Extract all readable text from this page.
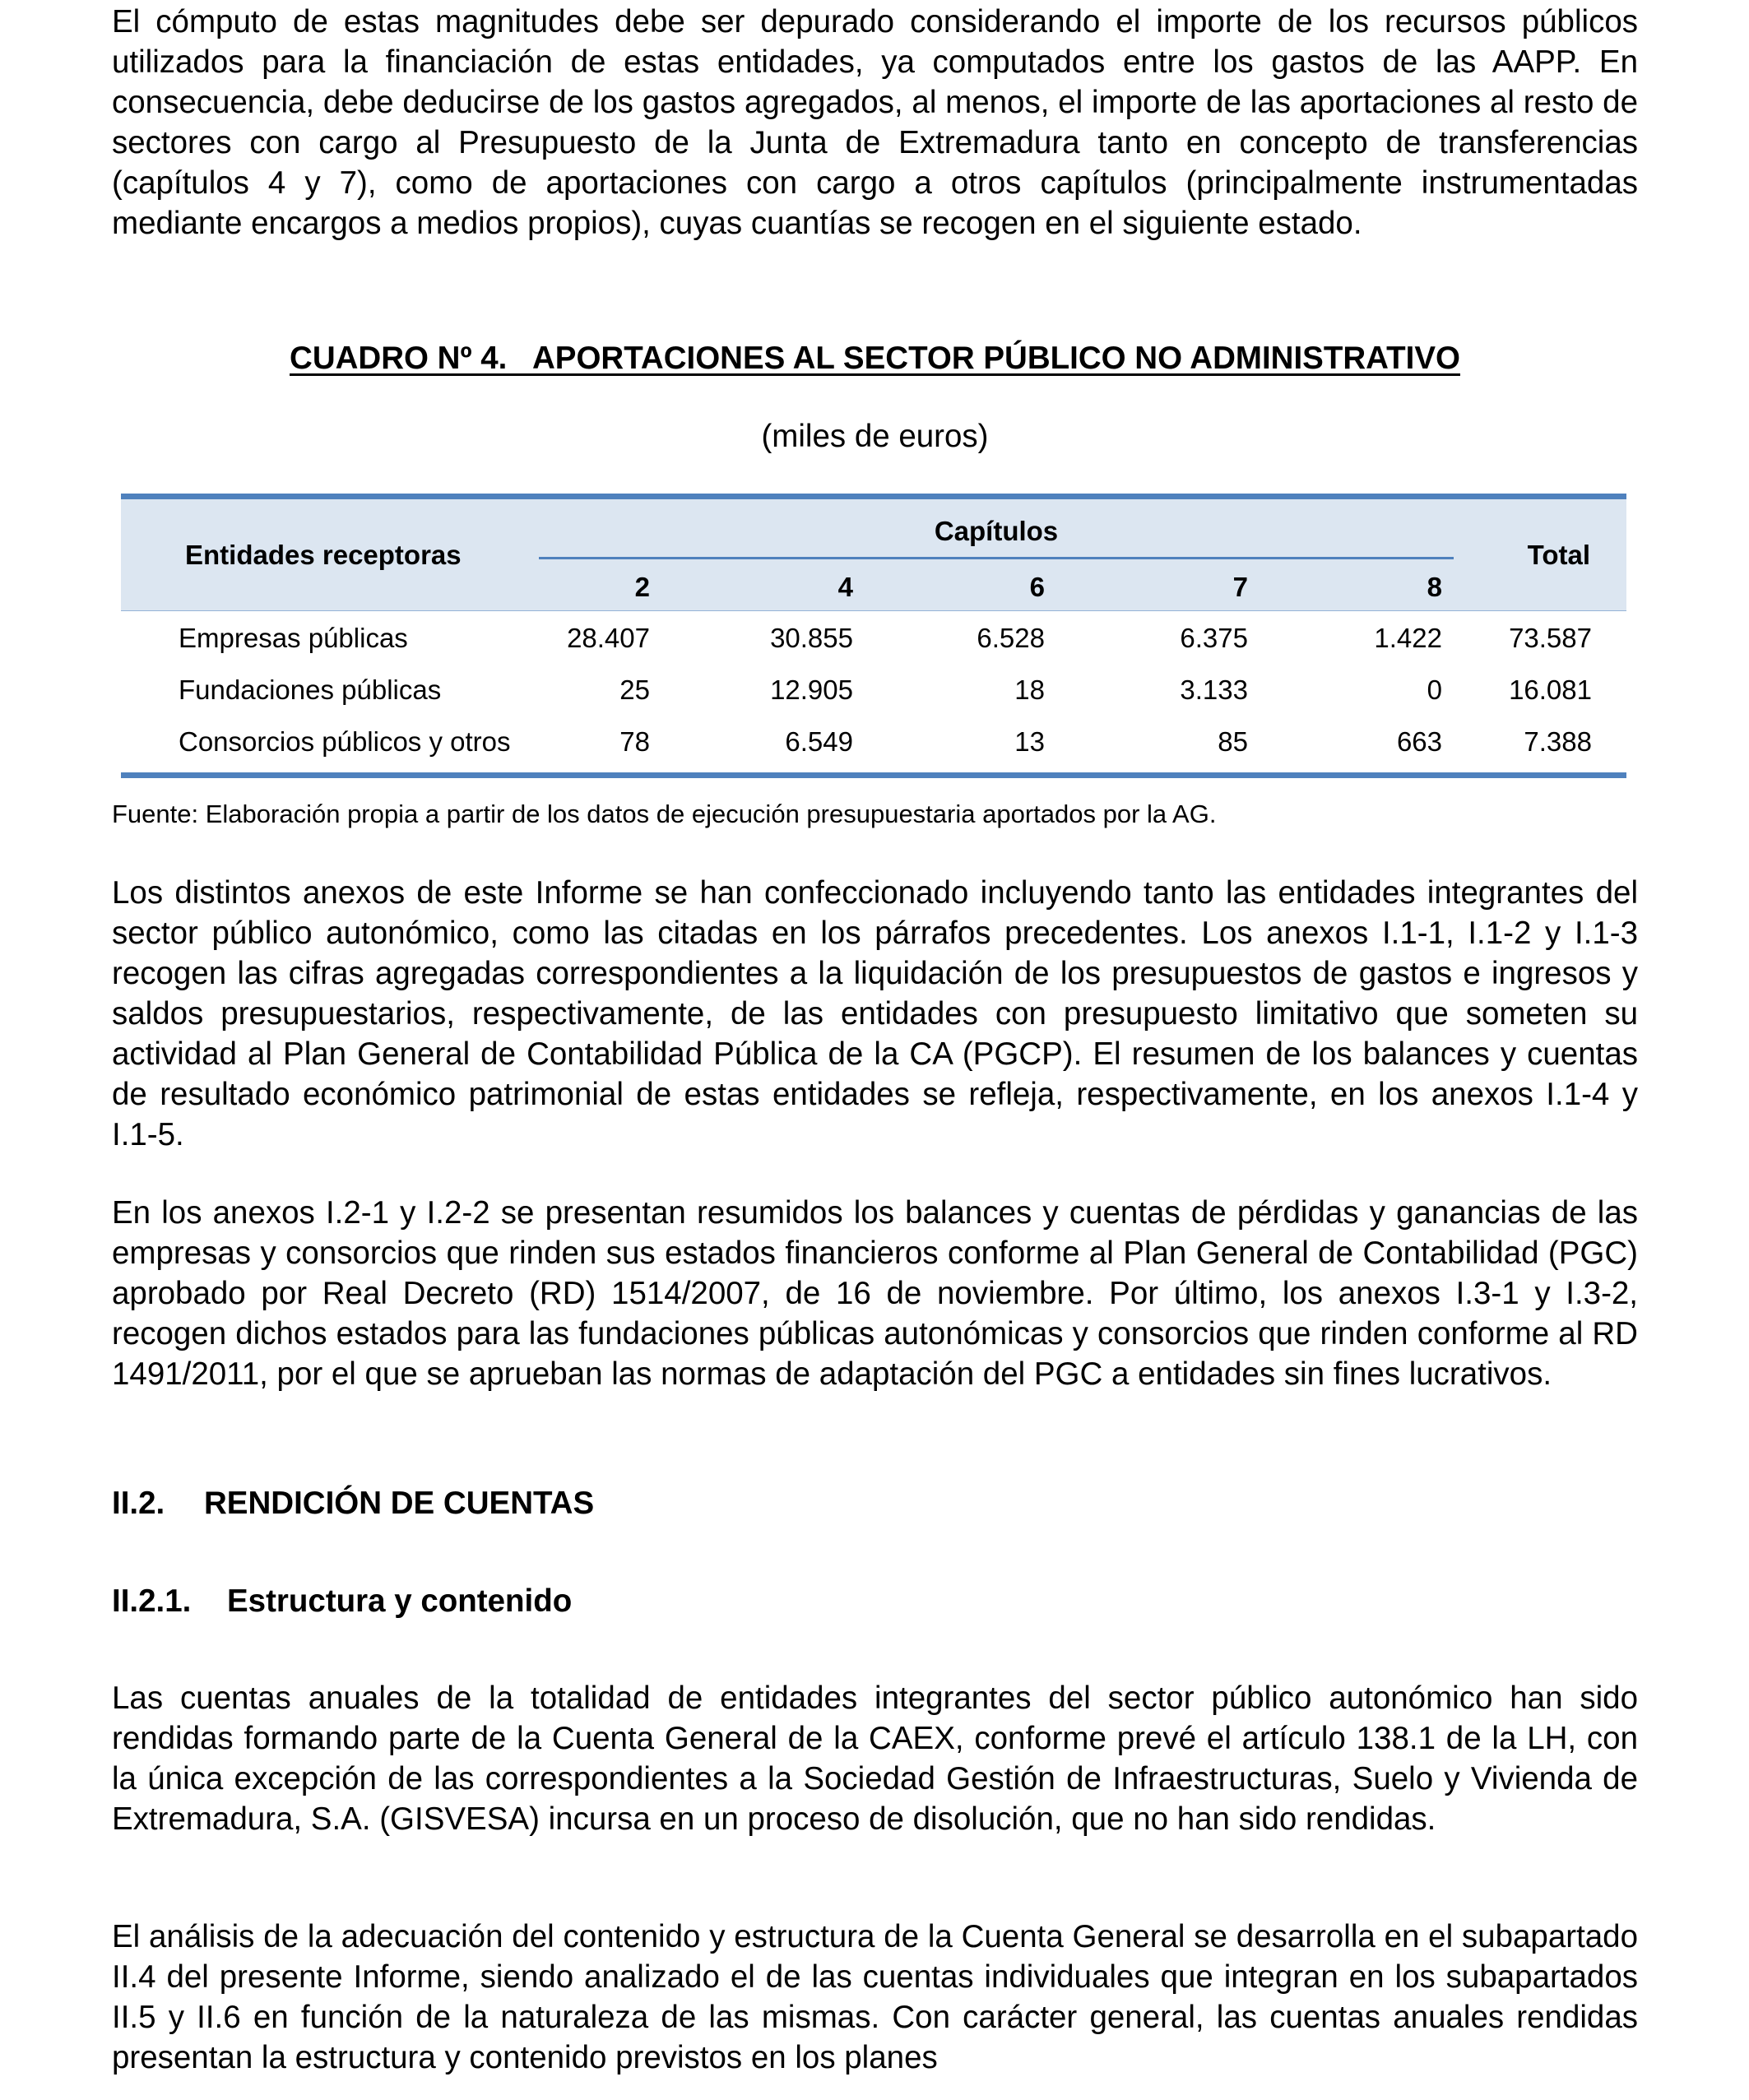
El cómputo de estas magnitudes debe ser depurado considerando el importe de los recursos públicos utilizados para la financiación de estas entidades, ya computados entre los gastos de las AAPP. En consecuencia, debe deducirse de los gastos agregados, al menos, el importe de las aportaciones al resto de sectores con cargo al Presupuesto de la Junta de Extremadura tanto en concepto de transferencias (capítulos 4 y 7), como de aportaciones con cargo a otros capítulos (principalmente instrumentadas mediante encargos a medios propios), cuyas cuantías se recogen en el siguiente estado.

CUADRO Nº 4.   APORTACIONES AL SECTOR PÚBLICO NO ADMINISTRATIVO
(miles de euros)
Entidades receptoras
Capítulos
2	4	6	7	8
Total
Empresas públicas	28.407	30.855	6.528	6.375	1.422 73.587
Fundaciones públicas	25	12.905	18	3.133	0 16.081
Consorcios públicos y otros	78	6.549	13	85	663	7.388
Fuente: Elaboración propia a partir de los datos de ejecución presupuestaria aportados por la AG.

Los distintos anexos de este Informe se han confeccionado incluyendo tanto las entidades integrantes del sector público autonómico, como las citadas en los párrafos precedentes. Los anexos I.1-1, I.1-2 y I.1-3 recogen las cifras agregadas correspondientes a la liquidación de los presupuestos de gastos e ingresos y saldos presupuestarios, respectivamente, de las entidades con presupuesto limitativo que someten su actividad al Plan General de Contabilidad Pública de la CA (PGCP). El resumen de los balances y cuentas de resultado económico patrimonial de estas entidades se refleja, respectivamente, en los anexos I.1-4 y I.1-5.

En los anexos I.2-1 y I.2-2 se presentan resumidos los balances y cuentas de pérdidas y ganancias de las empresas y consorcios que rinden sus estados financieros conforme al Plan General de Contabilidad (PGC) aprobado por Real Decreto (RD) 1514/2007, de 16 de noviembre. Por último, los anexos I.3-1 y I.3-2, recogen dichos estados para las fundaciones públicas autonómicas y consorcios que rinden conforme al RD 1491/2011, por el que se aprueban las normas de adaptación del PGC a entidades sin fines lucrativos.

II.2. RENDICIÓN DE CUENTAS
II.2.1. Estructura y contenido

Las cuentas anuales de la totalidad de entidades integrantes del sector público autonómico han sido rendidas formando parte de la Cuenta General de la CAEX, conforme prevé el artículo 138.1 de la LH, con la única excepción de las correspondientes a la Sociedad Gestión de Infraestructuras, Suelo y Vivienda de Extremadura, S.A. (GISVESA) incursa en un proceso de disolución, que no han sido rendidas.

El análisis de la adecuación del contenido y estructura de la Cuenta General se desarrolla en el subapartado II.4 del presente Informe, siendo analizado el de las cuentas individuales que integran en los subapartados II.5 y II.6 en función de la naturaleza de las mismas. Con carácter general, las cuentas anuales rendidas presentan la estructura y contenido previstos en los planes
